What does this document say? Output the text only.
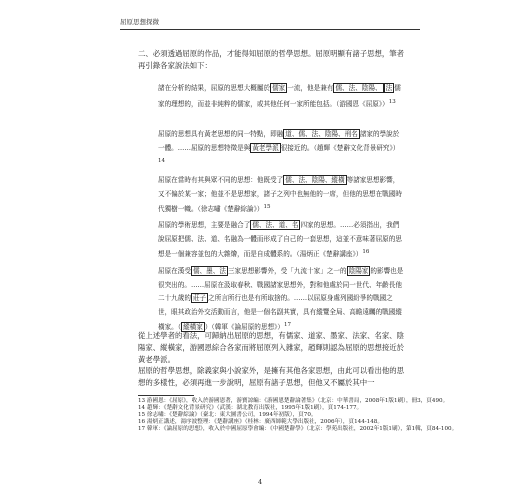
屈原思想探微
二、必須透過屈原的作品，才能得知屈原的哲學思想。屈原明顯有諸子思想，筆者再引錄各家說法如下：
諸在分析的結果，屈原的思想大概屬於 儒家 一流，他是兼有 儒、法、陰陽、 法 儒家的理想的，而並非純粹的儒家，或其他任何一家所能包括。（游國恩《屈原》）$^{13}$
屈原的思想具有黃老思想的同一特點，即融 道、儒、法、陰陽、刑名 諸家的學說於一體。……屈原的思想特徵是與 黃老學派 很接近的。（趙輝《楚辭文化背景研究》）$^{14}$
屈原在當時有其與眾不同的思想：他既受了 儒、法、陰陽、縱橫 等諸家思想影響，又不偏於某一家；他並不是思想家，諸子之列中也無他的一席，但他的思想在戰國時代獨樹一幟。（徐志嘯《楚辭綜論》）$^{15}$
屈原的學術思想，主要是融合了 儒、法、道、名 四家的思想。……必須指出，我們說屈原把儒、法、道、名融為一體而形成了自己的一套思想，這並不意味著屈原的思想是一個兼容並包的大雜燴，而是自成體系的。（湯炳正《楚辭講座》）$^{16}$
屈原在漢受 儒、墨、法 三家思想影響外，受「九流十家」之一的 陰陽家 的影響也是很突出的。……屈原在汲取春秋、戰國諸家思想外，對和他處於同一世代、年齡長他二十九歲的 莊子 之所言所行也是有所取捨的。……以屈原身處列國紛爭的戰國之世，眼其政治外交活動而言，他是一個名副其實，具有縱覽全局、高瞻遠矚的戰國縱橫家。（ 縱橫家 ）（韓軍《論屈原的思想》）$^{17}$
從上述學者的看法，可歸納出屈原的思想，有儒家、道家、墨家、法家、名家、陰陽家、縱橫家，游國恩綜合各家而將屈原列入雜家，趙輝則認為屈原的思想接近於黃老學派。
屈原的哲學思想，除義家與小說家外，是擁有其他各家思想，由此可以看出他的思想的多樣性，必須再進一步說明，屈原有諸子思想，但他又不屬於其中一
13 游國恩：《屈原》，收入於游國恩著，游寶諒編：《游國恩楚辭論著集》（北京：中華書局，2008年1版1刷），冊3，頁490。
14 趙輝：《楚辭文化背景研究》（武漢：湖北教育出版社，1995年1版1刷），頁174-177。
15 徐志嘯：《楚辭綜論》（臺北：東大圖書公司，1994年初版），頁70。
16 湯炳正講述，湯序波整理：《楚辭講座》（桂林：廣西師範大學出版社，2006年），頁144-148。
17 韓軍：《論屈原的思想》，收入於中國屈原學會編：《中國楚辭學》（北京：學苑出版社，2002年1版1刷），第1輯，頁84-100。
4
